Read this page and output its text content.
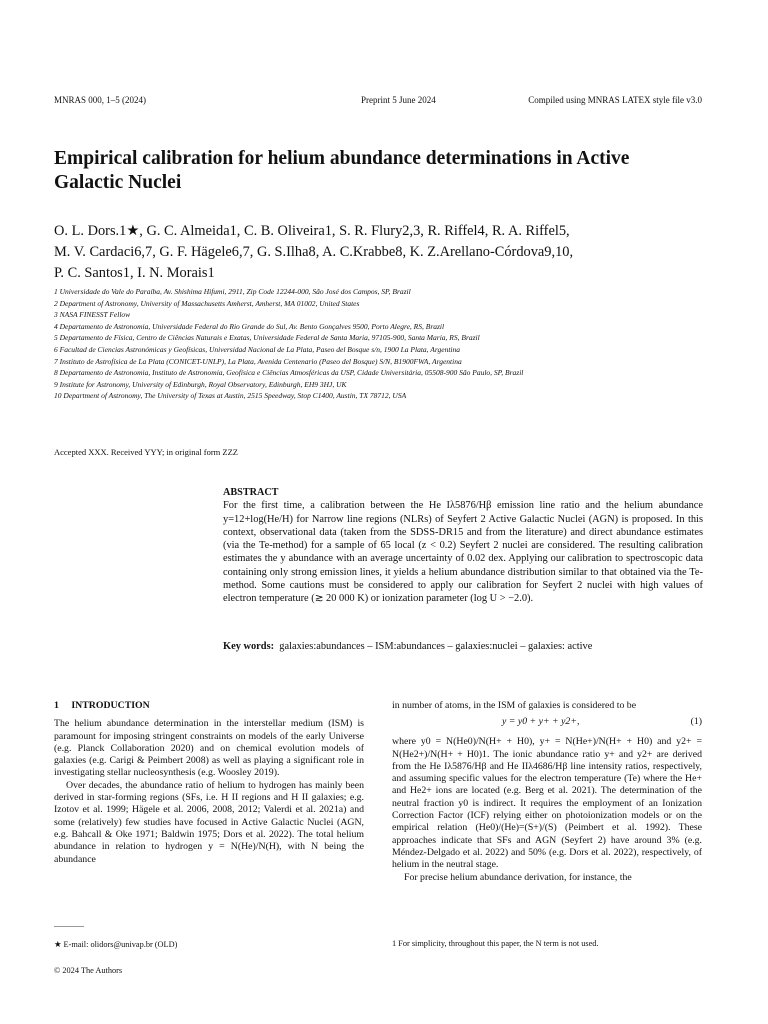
MNRAS 000, 1–5 (2024)	Preprint 5 June 2024	Compiled using MNRAS LATEX style file v3.0
Empirical calibration for helium abundance determinations in Active Galactic Nuclei
O. L. Dors.1★, G. C. Almeida1, C. B. Oliveira1, S. R. Flury2,3, R. Riffel4, R. A. Riffel5,
M. V. Cardaci6,7, G. F. Hägele6,7, G. S.Ilha8, A. C.Krabbe8, K. Z.Arellano-Córdova9,10,
P. C. Santos1, I. N. Morais1
1 Universidade do Vale do Paraíba, Av. Shishima Hifumi, 2911, Zip Code 12244-000, São José dos Campos, SP, Brazil
2 Department of Astronomy, University of Massachusetts Amherst, Amherst, MA 01002, United States
3 NASA FINESST Fellow
4 Departamento de Astronomia, Universidade Federal do Rio Grande do Sul, Av. Bento Gonçalves 9500, Porto Alegre, RS, Brazil
5 Departamento de Física, Centro de Ciências Naturais e Exatas, Universidade Federal de Santa Maria, 97105-900, Santa Maria, RS, Brazil
6 Facultad de Ciencias Astronómicas y Geofísicas, Universidad Nacional de La Plata, Paseo del Bosque s/n, 1900 La Plata, Argentina
7 Instituto de Astrofísica de La Plata (CONICET-UNLP), La Plata, Avenida Centenario (Paseo del Bosque) S/N, B1900FWA, Argentina
8 Departamento de Astronomia, Instituto de Astronomia, Geofísica e Ciências Atmosféricas da USP, Cidade Universitária, 05508-900 São Paulo, SP, Brazil
9 Institute for Astronomy, University of Edinburgh, Royal Observatory, Edinburgh, EH9 3HJ, UK
10 Department of Astronomy, The University of Texas at Austin, 2515 Speedway, Stop C1400, Austin, TX 78712, USA
Accepted XXX. Received YYY; in original form ZZZ
ABSTRACT
For the first time, a calibration between the He Iλ5876/Hβ emission line ratio and the helium abundance y=12+log(He/H) for Narrow line regions (NLRs) of Seyfert 2 Active Galactic Nuclei (AGN) is proposed. In this context, observational data (taken from the SDSS-DR15 and from the literature) and direct abundance estimates (via the Te-method) for a sample of 65 local (z < 0.2) Seyfert 2 nuclei are considered. The resulting calibration estimates the y abundance with an average uncertainty of 0.02 dex. Applying our calibration to spectroscopic data containing only strong emission lines, it yields a helium abundance distribution similar to that obtained via the Te-method. Some cautions must be considered to apply our calibration for Seyfert 2 nuclei with high values of electron temperature (≳ 20 000 K) or ionization parameter (log U > −2.0).
Key words: galaxies:abundances – ISM:abundances – galaxies:nuclei – galaxies: active
1 INTRODUCTION

The helium abundance determination in the interstellar medium (ISM) is paramount for imposing stringent constraints on models of the early Universe (e.g. Planck Collaboration 2020) and on chemical evolution models of galaxies (e.g. Carigi & Peimbert 2008) as well as playing a significant role in investigating stellar nucleosynthesis (e.g. Woosley 2019).

Over decades, the abundance ratio of helium to hydrogen has mainly been derived in star-forming regions (SFs, i.e. H II regions and H II galaxies; e.g. Izotov et al. 1999; Hägele et al. 2006, 2008, 2012; Valerdi et al. 2021a) and some (relatively) few studies have focused in Active Galactic Nuclei (AGN, e.g. Bahcall & Oke 1971; Baldwin 1975; Dors et al. 2022). The total helium abundance in relation to hydrogen y = N(He)/N(H), with N being the abundance

in number of atoms, in the ISM of galaxies is considered to be
y = y0 + y+ + y2+,	(1)

where y0 = N(He0)/N(H+ + H0), y+ = N(He+)/N(H+ + H0) and y2+ = N(He2+)/N(H+ + H0)1. The ionic abundance ratio y+ and y2+ are derived from the He Iλ5876/Hβ and He IIλ4686/Hβ line intensity ratios, respectively, and assuming specific values for the electron temperature (Te) where the He+ and He2+ ions are located (e.g. Berg et al. 2021). The determination of the neutral fraction y0 is indirect. It requires the employment of an Ionization Correction Factor (ICF) relying either on photoionization models or on the empirical relation (He0)/(He)=(S+)/(S) (Peimbert et al. 1992). These approaches indicate that SFs and AGN (Seyfert 2) have around 3% (e.g. Méndez-Delgado et al. 2022) and 50% (e.g. Dors et al. 2022), respectively, of helium in the neutral stage.

For precise helium abundance derivation, for instance, the

★ E-mail: olidors@univap.br (OLD)	1 For simplicity, throughout this paper, the N term is not used.
© 2024 The Authors
